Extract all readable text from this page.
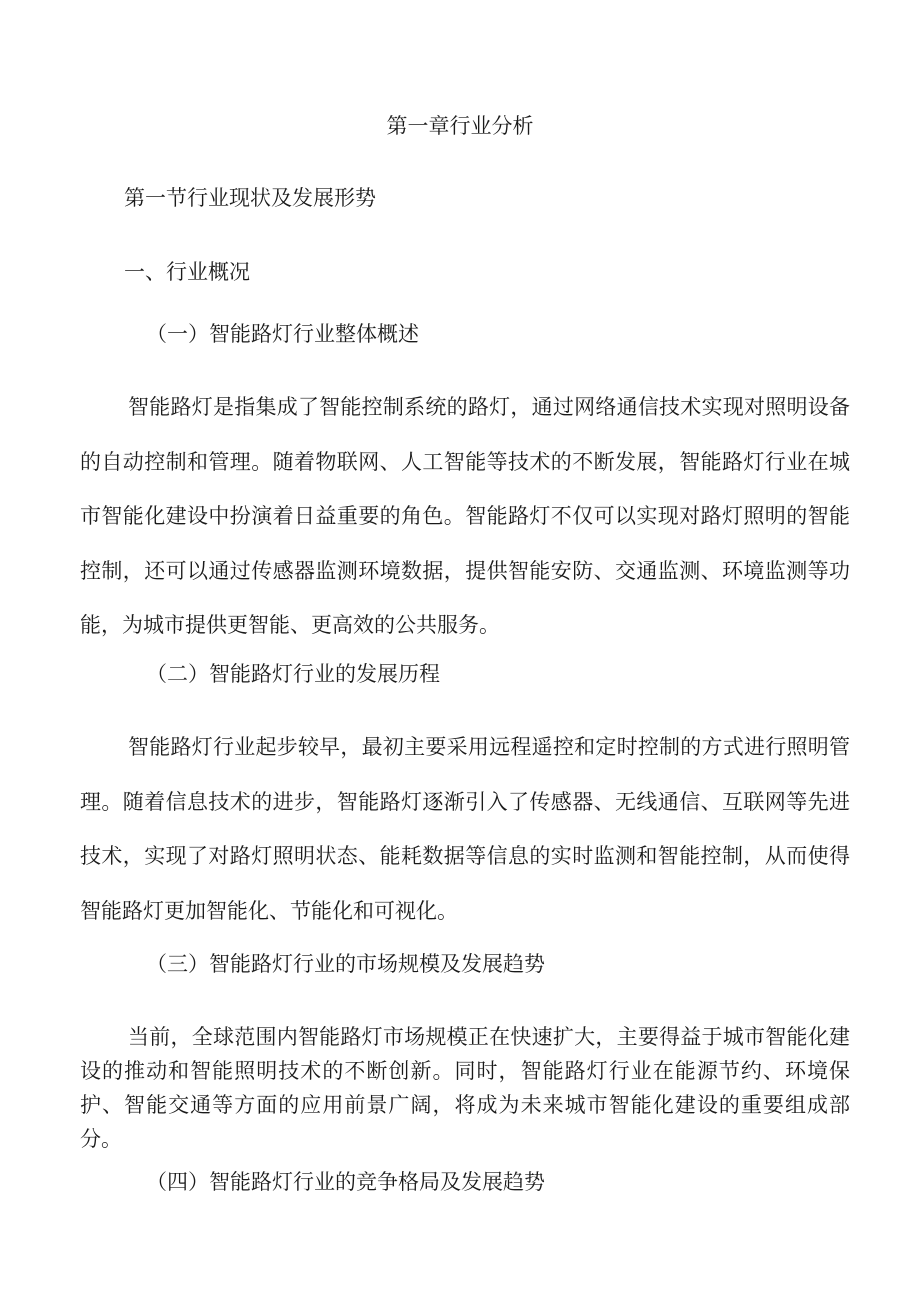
第一章行业分析
第一节行业现状及发展形势
一、行业概况
（一）智能路灯行业整体概述

智能路灯是指集成了智能控制系统的路灯，通过网络通信技术实现对照明设备的自动控制和管理。随着物联网、人工智能等技术的不断发展，智能路灯行业在城市智能化建设中扮演着日益重要的角色。智能路灯不仅可以实现对路灯照明的智能控制，还可以通过传感器监测环境数据，提供智能安防、交通监测、环境监测等功能，为城市提供更智能、更高效的公共服务。

（二）智能路灯行业的发展历程

智能路灯行业起步较早，最初主要采用远程遥控和定时控制的方式进行照明管理。随着信息技术的进步，智能路灯逐渐引入了传感器、无线通信、互联网等先进技术，实现了对路灯照明状态、能耗数据等信息的实时监测和智能控制，从而使得智能路灯更加智能化、节能化和可视化。

（三）智能路灯行业的市场规模及发展趋势

当前，全球范围内智能路灯市场规模正在快速扩大，主要得益于城市智能化建设的推动和智能照明技术的不断创新。同时，智能路灯行业在能源节约、环境保护、智能交通等方面的应用前景广阔，将成为未来城市智能化建设的重要组成部分。

（四）智能路灯行业的竞争格局及发展趋势
